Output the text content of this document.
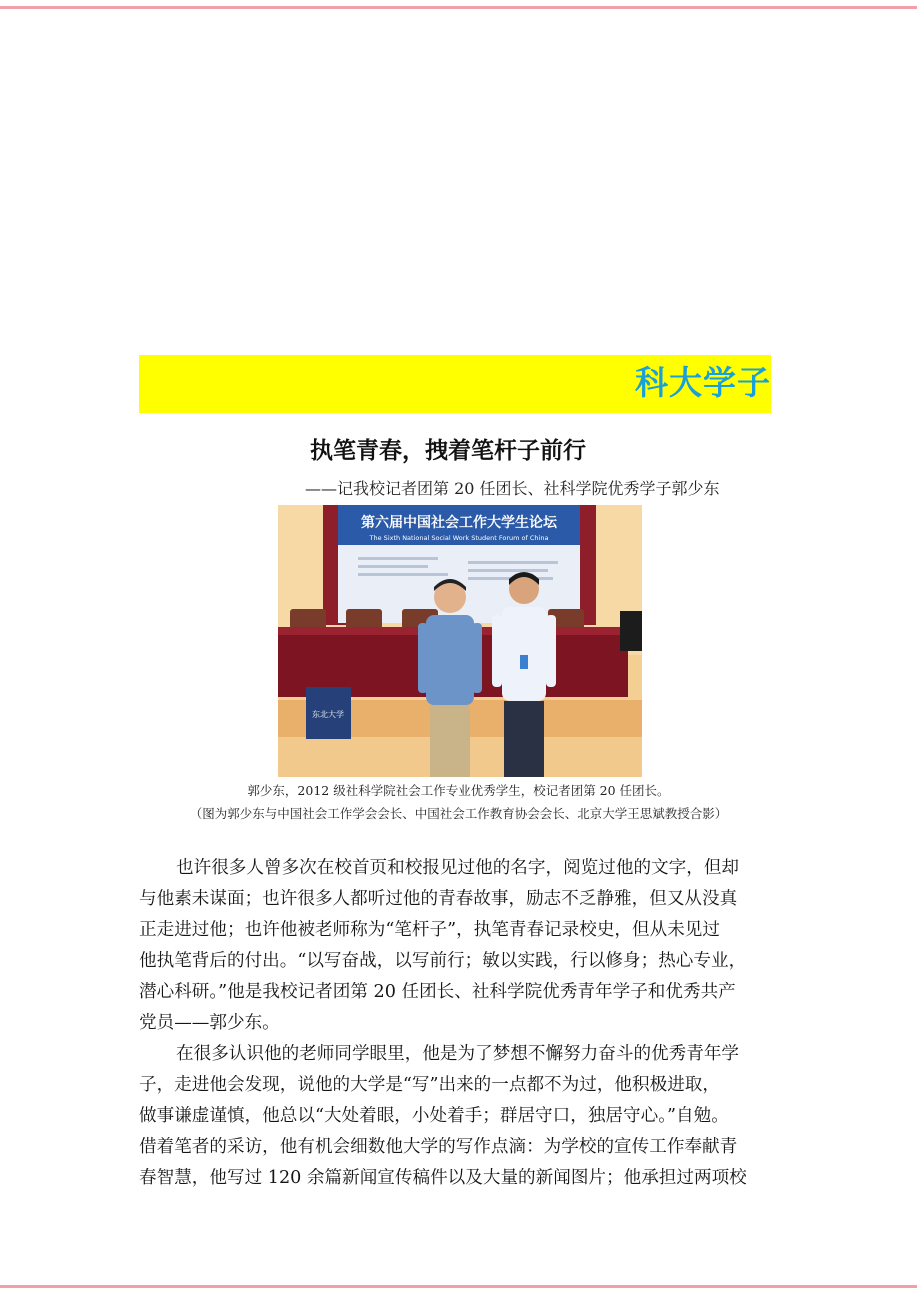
科大学子
执笔青春，拽着笔杆子前行
——记我校记者团第 20 任团长、社科学院优秀学子郭少东
第六届中国社会工作大学生论坛
The Sixth National Social Work Student Forum of China
东北大学
郭少东，2012 级社科学院社会工作专业优秀学生，校记者团第 20 任团长。
（图为郭少东与中国社会工作学会会长、中国社会工作教育协会会长、北京大学王思斌教授合影）
也许很多人曾多次在校首页和校报见过他的名字，阅览过他的文字，但却
与他素未谋面；也许很多人都听过他的青春故事，励志不乏静雅，但又从没真
正走进过他；也许他被老师称为“笔杆子”，执笔青春记录校史，但从未见过
他执笔背后的付出。“以写奋战，以写前行；敏以实践，行以修身；热心专业，
潜心科研。”他是我校记者团第 20 任团长、社科学院优秀青年学子和优秀共产
党员——郭少东。
在很多认识他的老师同学眼里，他是为了梦想不懈努力奋斗的优秀青年学
子，走进他会发现，说他的大学是“写”出来的一点都不为过，他积极进取，
做事谦虚谨慎，他总以“大处着眼，小处着手；群居守口，独居守心。”自勉。
借着笔者的采访，他有机会细数他大学的写作点滴：为学校的宣传工作奉献青
春智慧，他写过 120 余篇新闻宣传稿件以及大量的新闻图片；他承担过两项校
